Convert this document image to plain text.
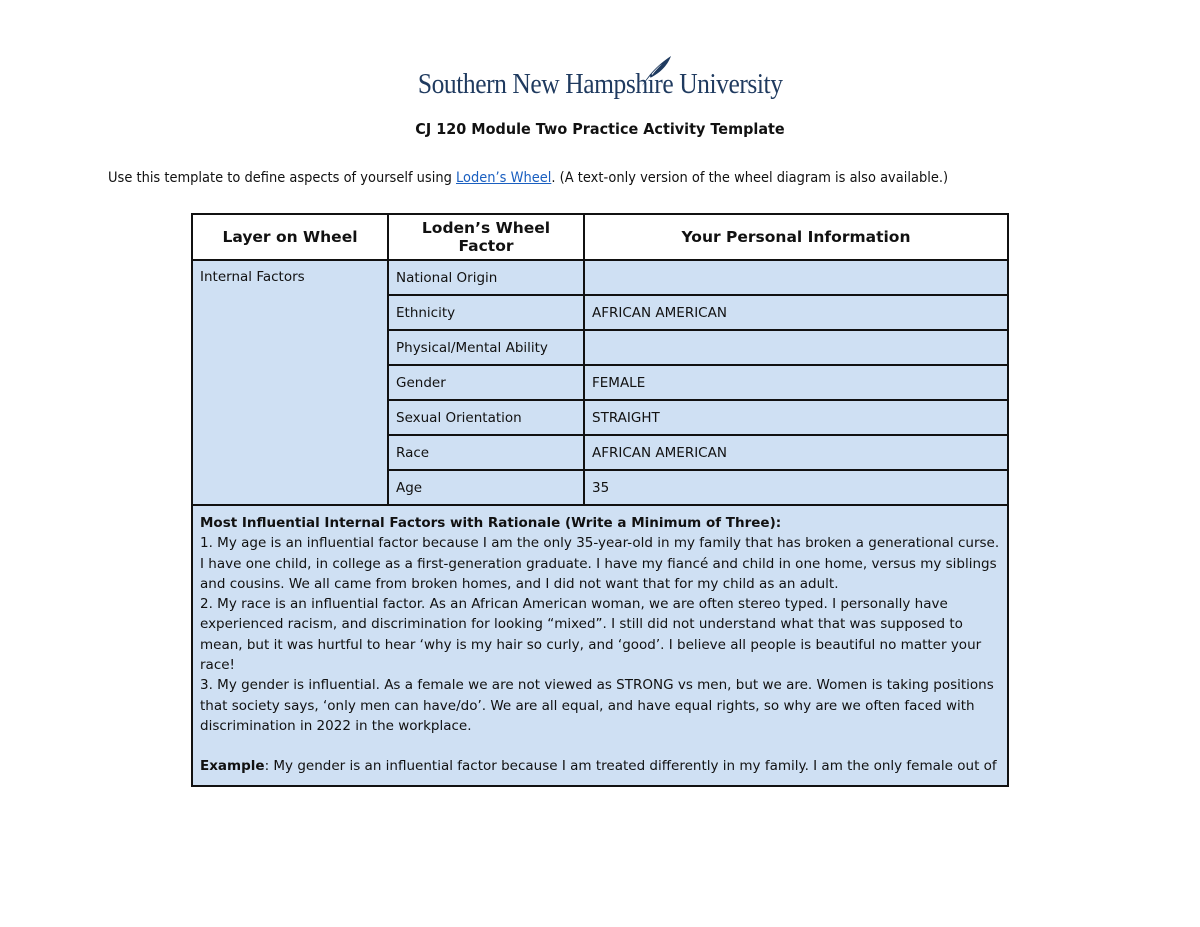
Southern New Hampshire University
CJ 120 Module Two Practice Activity Template
Use this template to define aspects of yourself using Loden’s Wheel. (A text-only version of the wheel diagram is also available.)
Layer on Wheel	Loden’s Wheel Factor	Your Personal Information
Internal Factors	National Origin	
	Ethnicity	AFRICAN AMERICAN
	Physical/Mental Ability	
	Gender	FEMALE
	Sexual Orientation	STRAIGHT
	Race	AFRICAN AMERICAN
	Age	35

Most Influential Internal Factors with Rationale (Write a Minimum of Three):

1. My age is an influential factor because I am the only 35-year-old in my family that has broken a generational curse. I have one child, in college as a first-generation graduate. I have my fiancé and child in one home, versus my siblings and cousins. We all came from broken homes, and I did not want that for my child as an adult.

2. My race is an influential factor. As an African American woman, we are often stereo typed. I personally have experienced racism, and discrimination for looking “mixed”. I still did not understand what that was supposed to mean, but it was hurtful to hear ‘why is my hair so curly, and ‘good’. I believe all people is beautiful no matter your race!

3. My gender is influential. As a female we are not viewed as STRONG vs men, but we are. Women is taking positions that society says, ‘only men can have/do’. We are all equal, and have equal rights, so why are we often faced with discrimination in 2022 in the workplace.

Example: My gender is an influential factor because I am treated differently in my family. I am the only female out of		
